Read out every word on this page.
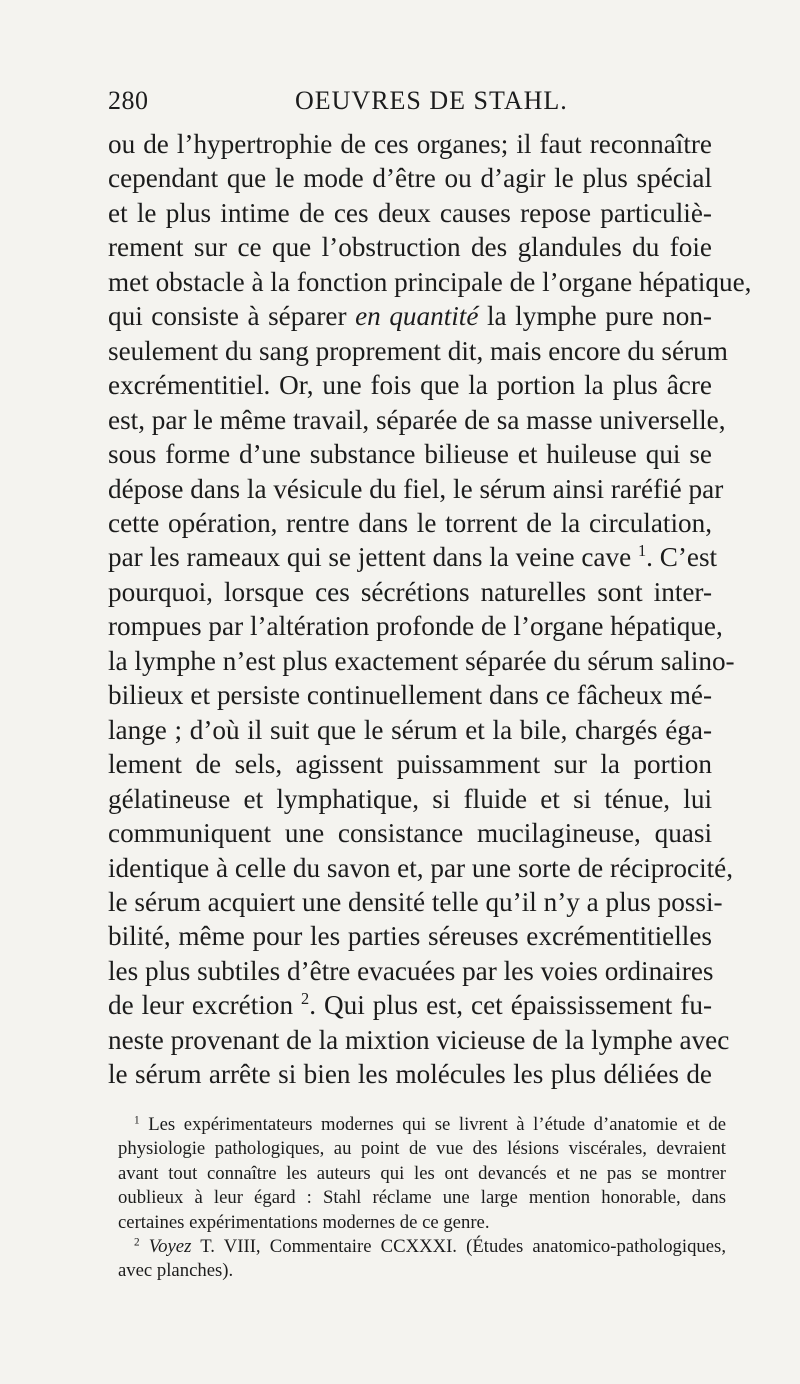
280	OEUVRES DE STAHL.
ou de l’hypertrophie de ces organes; il faut reconnaître
cependant que le mode d’être ou d’agir le plus spécial
et le plus intime de ces deux causes repose particuliè-
rement sur ce que l’obstruction des glandules du foie
met obstacle à la fonction principale de l’organe hépatique,
qui consiste à séparer en quantité la lymphe pure non-
seulement du sang proprement dit, mais encore du sérum
excrémentitiel. Or, une fois que la portion la plus âcre
est, par le même travail, séparée de sa masse universelle,
sous forme d’une substance bilieuse et huileuse qui se
dépose dans la vésicule du fiel, le sérum ainsi raréfié par
cette opération, rentre dans le torrent de la circulation,
par les rameaux qui se jettent dans la veine cave $^1$. C’est
pourquoi, lorsque ces sécrétions naturelles sont inter-
rompues par l’altération profonde de l’organe hépatique,
la lymphe n’est plus exactement séparée du sérum salino-
bilieux et persiste continuellement dans ce fâcheux mé-
lange ; d’où il suit que le sérum et la bile, chargés éga-
lement de sels, agissent puissamment sur la portion
gélatineuse et lymphatique, si fluide et si ténue, lui
communiquent une consistance mucilagineuse, quasi
identique à celle du savon et, par une sorte de réciprocité,
le sérum acquiert une densité telle qu’il n’y a plus possi-
bilité, même pour les parties séreuses excrémentitielles
les plus subtiles d’être evacuées par les voies ordinaires
de leur excrétion $^2$. Qui plus est, cet épaississement fu-
neste provenant de la mixtion vicieuse de la lymphe avec
le sérum arrête si bien les molécules les plus déliées de
$^1$ Les expérimentateurs modernes qui se livrent à l’étude d’anatomie et de
physiologie pathologiques, au point de vue des lésions viscérales, devraient
avant tout connaître les auteurs qui les ont devancés et ne pas se montrer
oublieux à leur égard : Stahl réclame une large mention honorable, dans
certaines expérimentations modernes de ce genre.
$^2$ Voyez T. VIII, Commentaire CCXXXI. (Études anatomico-pathologiques,
avec planches).
